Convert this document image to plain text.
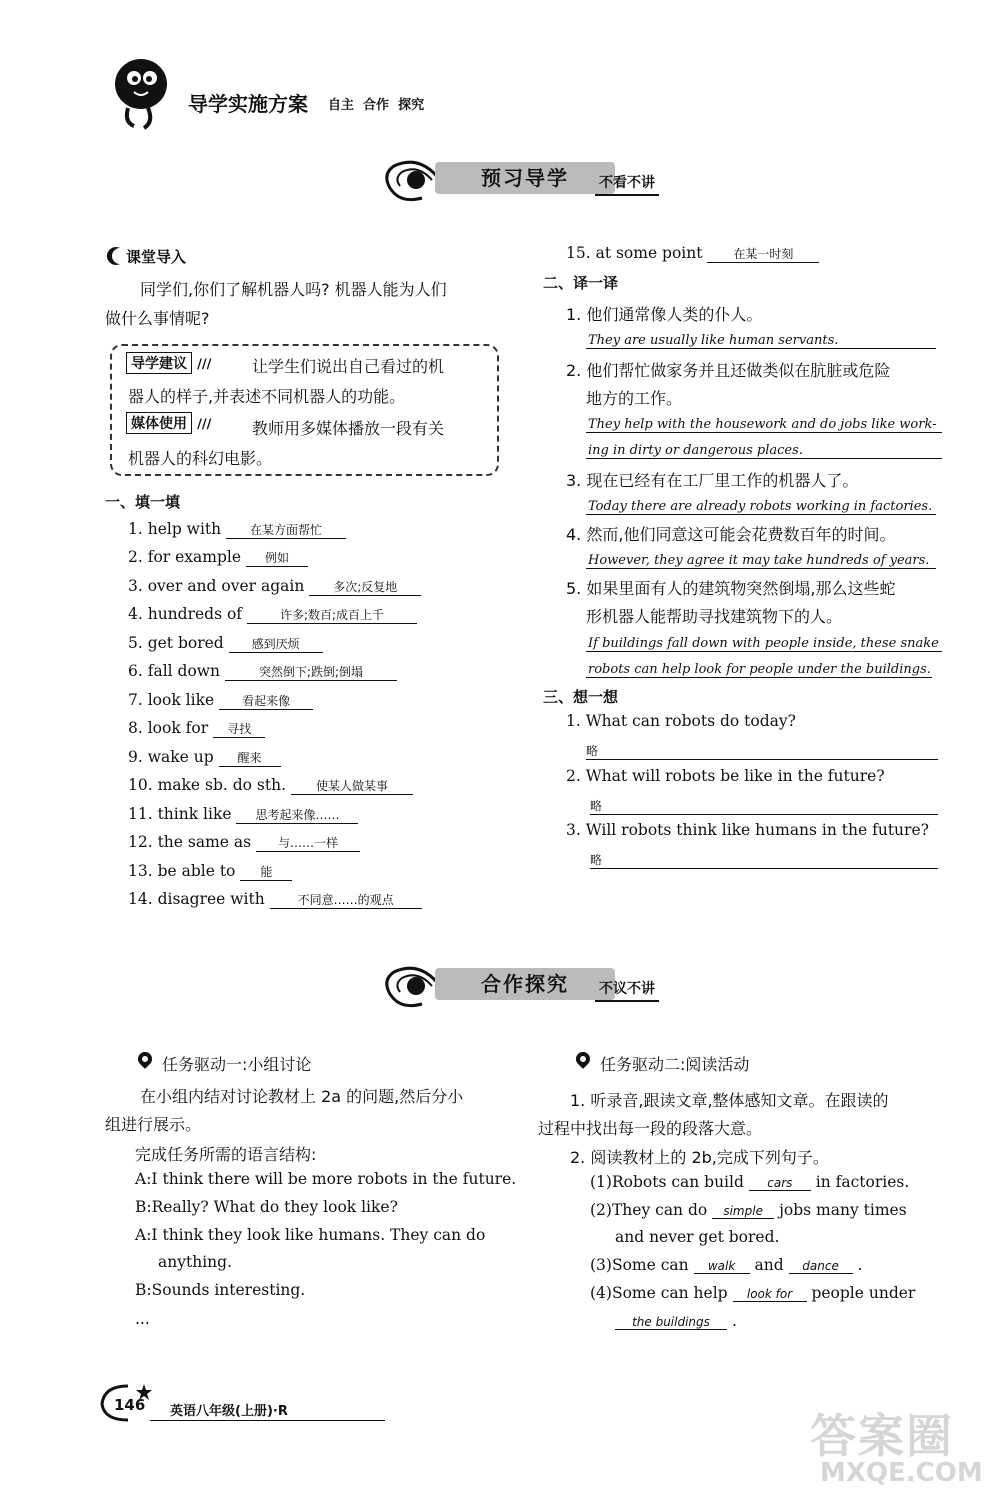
导学实施方案 自主  合作  探究
预习导学	不看不讲
课堂导入
同学们,你们了解机器人吗? 机器人能为人们
做什么事情呢?
导学建议 ///	让学生们说出自己看过的机
器人的样子,并表述不同机器人的功能。
媒体使用 ///	教师用多媒体播放一段有关
机器人的科幻电影。
一、填一填
1. help with 在某方面帮忙
2. for example 例如
3. over and over again 多次;反复地
4. hundreds of	许多;数百;成百上千
5. get bored 感到厌烦
6. fall down	突然倒下;跌倒;倒塌
7. look like 看起来像
8. look for 寻找
9. wake up 醒来
10. make sb. do sth. 使某人做某事
11. think like 思考起来像……
12. the same as 与……一样
13. be able to 能
14. disagree with	不同意……的观点
15. at some point	在某一时刻
二、译一译
1. 他们通常像人类的仆人。
They are usually like human servants.
2. 他们帮忙做家务并且还做类似在肮脏或危险
地方的工作。
They help with the housework and do jobs like work-
ing in dirty or dangerous places.
3. 现在已经有在工厂里工作的机器人了。
Today there are already robots working in factories.
4. 然而,他们同意这可能会花费数百年的时间。
However, they agree it may take hundreds of years.
5. 如果里面有人的建筑物突然倒塌,那么这些蛇
形机器人能帮助寻找建筑物下的人。
If buildings fall down with people inside, these snake
robots can help look for people under the buildings.
三、想一想
1. What can robots do today?
略
2. What will robots be like in the future?
略
3. Will robots think like humans in the future?
略
合作探究	不议不讲
任务驱动一:小组讨论
在小组内结对讨论教材上 2a 的问题,然后分小
组进行展示。
完成任务所需的语言结构:
A:I think there will be more robots in the future.
B:Really? What do they look like?
A:I think they look like humans. They can do
anything.
B:Sounds interesting.
...
任务驱动二:阅读活动
1. 听录音,跟读文章,整体感知文章。在跟读的
过程中找出每一段的段落大意。
2. 阅读教材上的 2b,完成下列句子。
(1)Robots can build cars in factories.
(2)They can do simple jobs many times
and never get bored.
(3)Some can walk and dance .
(4)Some can help look for people under
the buildings .
146 英语八年级(上册)·R	答案圈
MXQE.COM
